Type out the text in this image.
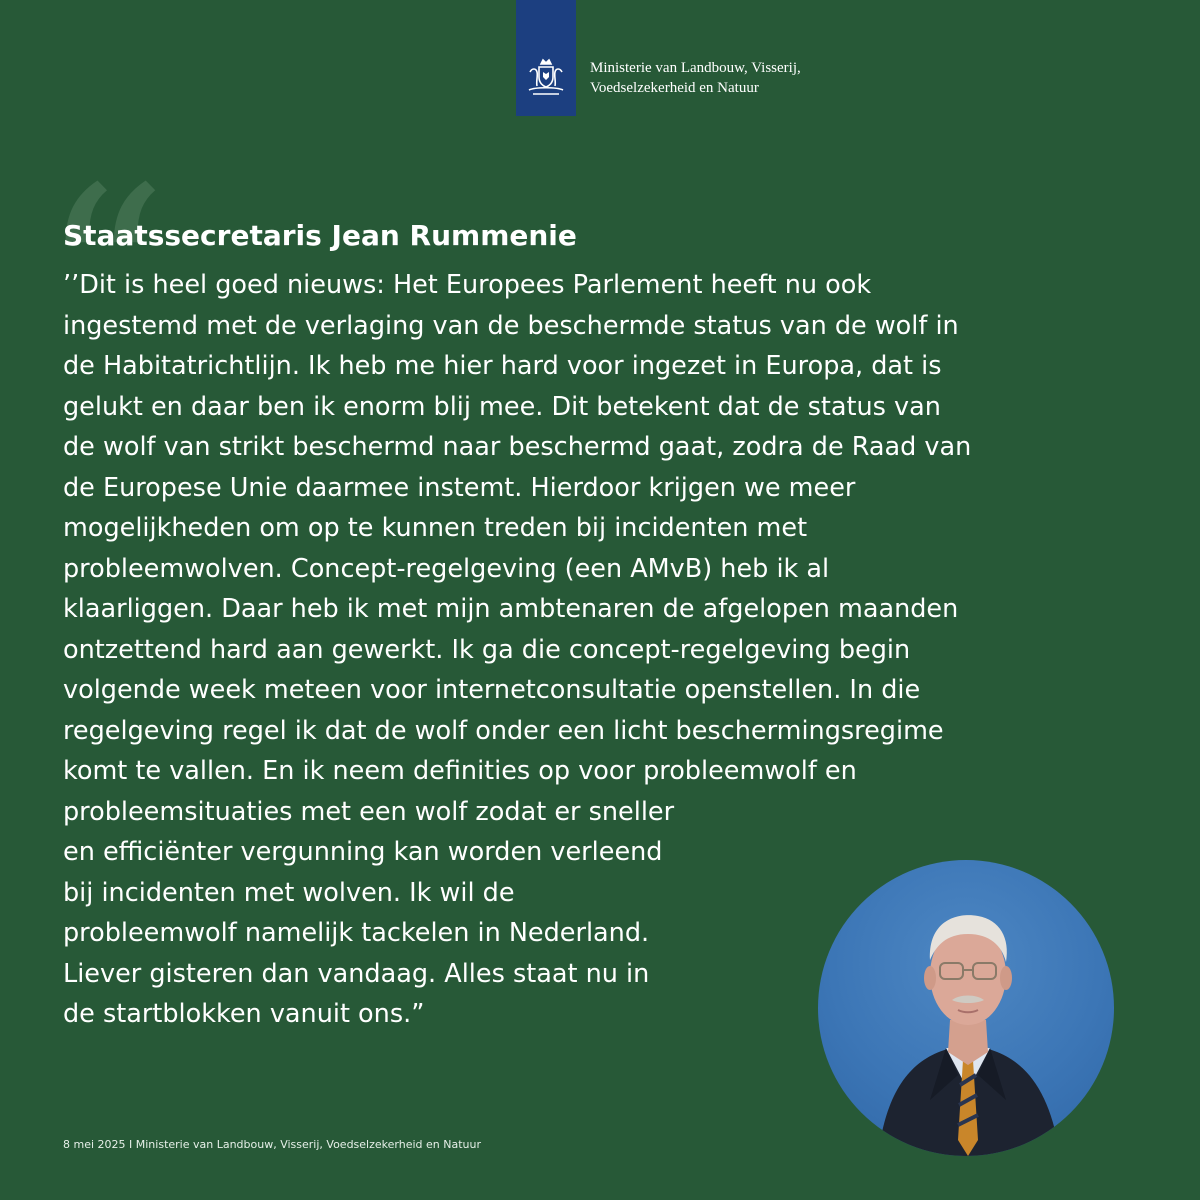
Ministerie van Landbouw, Visserij,
Voedselzekerheid en Natuur
“
Staatssecretaris Jean Rummenie
’’Dit is heel goed nieuws: Het Europees Parlement heeft nu ook
ingestemd met de verlaging van de beschermde status van de wolf in
de Habitatrichtlijn. Ik heb me hier hard voor ingezet in Europa, dat is
gelukt en daar ben ik enorm blij mee. Dit betekent dat de status van
de wolf van strikt beschermd naar beschermd gaat, zodra de Raad van
de Europese Unie daarmee instemt. Hierdoor krijgen we meer
mogelijkheden om op te kunnen treden bij incidenten met
probleemwolven. Concept-regelgeving (een AMvB) heb ik al
klaarliggen. Daar heb ik met mijn ambtenaren de afgelopen maanden
ontzettend hard aan gewerkt. Ik ga die concept-regelgeving begin
volgende week meteen voor internetconsultatie openstellen. In die
regelgeving regel ik dat de wolf onder een licht beschermingsregime
komt te vallen. En ik neem definities op voor probleemwolf en
probleemsituaties met een wolf zodat er sneller
en efficiënter vergunning kan worden verleend
bij incidenten met wolven. Ik wil de
probleemwolf namelijk tackelen in Nederland.
Liever gisteren dan vandaag. Alles staat nu in
de startblokken vanuit ons.”
8 mei 2025 I Ministerie van Landbouw, Visserij, Voedselzekerheid en Natuur
